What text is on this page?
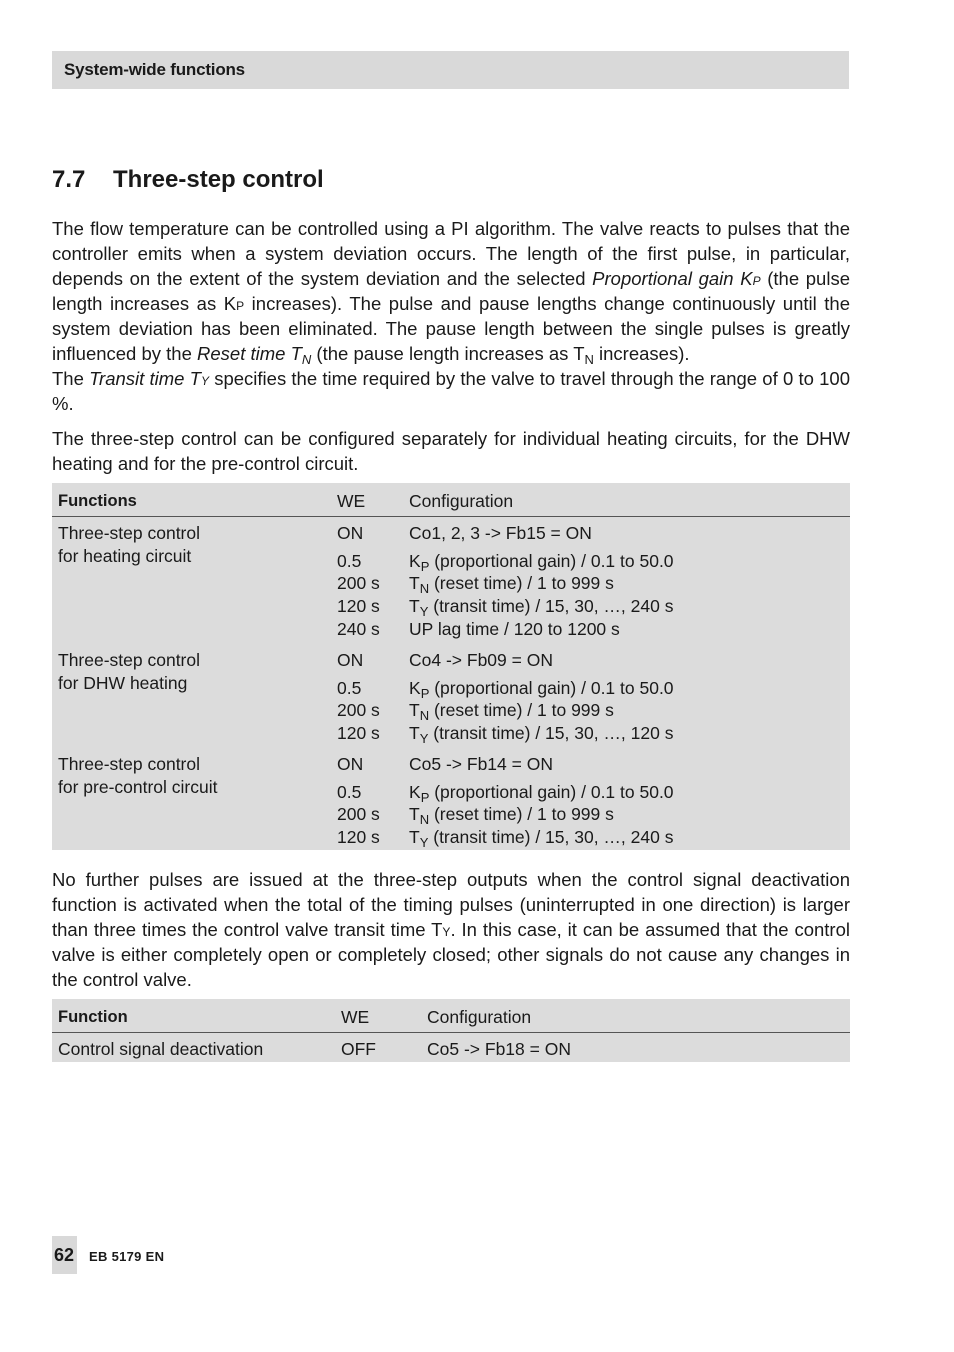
System-wide functions
7.7 Three-step control

The flow temperature can be controlled using a PI algorithm. The valve reacts to pulses that the controller emits when a system deviation occurs. The length of the first pulse, in particular, depends on the extent of the system deviation and the selected Proportional gain KP (the pulse length increases as KP increases). The pulse and pause lengths change continuously until the system deviation has been eliminated. The pause length between the single pulses is greatly influenced by the Reset time $T_N$ (the pause length increases as $T_N$ increases).
The Transit time TY specifies the time required by the valve to travel through the range of 0 to 100 %.

The three-step control can be configured separately for individual heating circuits, for the DHW heating and for the pre-control circuit.

Functions	WE	Configuration
Three-step control
for heating circuit
ON	Co1, 2, 3 -> Fb15 = ON
0.5	$K_P$ (proportional gain) / 0.1 to 50.0
200 s $T_N$ (reset time) / 1 to 999 s
120 s $T_Y$ (transit time) / 15, 30, …, 240 s
240 s UP lag time / 120 to 1200 s
Three-step control
for DHW heating
ON	Co4 -> Fb09 = ON
0.5	$K_P$ (proportional gain) / 0.1 to 50.0
200 s $T_N$ (reset time) / 1 to 999 s
120 s $T_Y$ (transit time) / 15, 30, …, 120 s
Three-step control
for pre-control circuit
ON	Co5 -> Fb14 = ON
0.5	$K_P$ (proportional gain) / 0.1 to 50.0
200 s $T_N$ (reset time) / 1 to 999 s
120 s $T_Y$ (transit time) / 15, 30, …, 240 s

No further pulses are issued at the three-step outputs when the control signal deactivation function is activated when the total of the timing pulses (uninterrupted in one direction) is larger than three times the control valve transit time TY. In this case, it can be assumed that the control valve is either completely open or completely closed; other signals do not cause any changes in the control valve.

Function	WE	Configuration
Control signal deactivation	OFF	Co5 -> Fb18 = ON
62 EB 5179 EN
